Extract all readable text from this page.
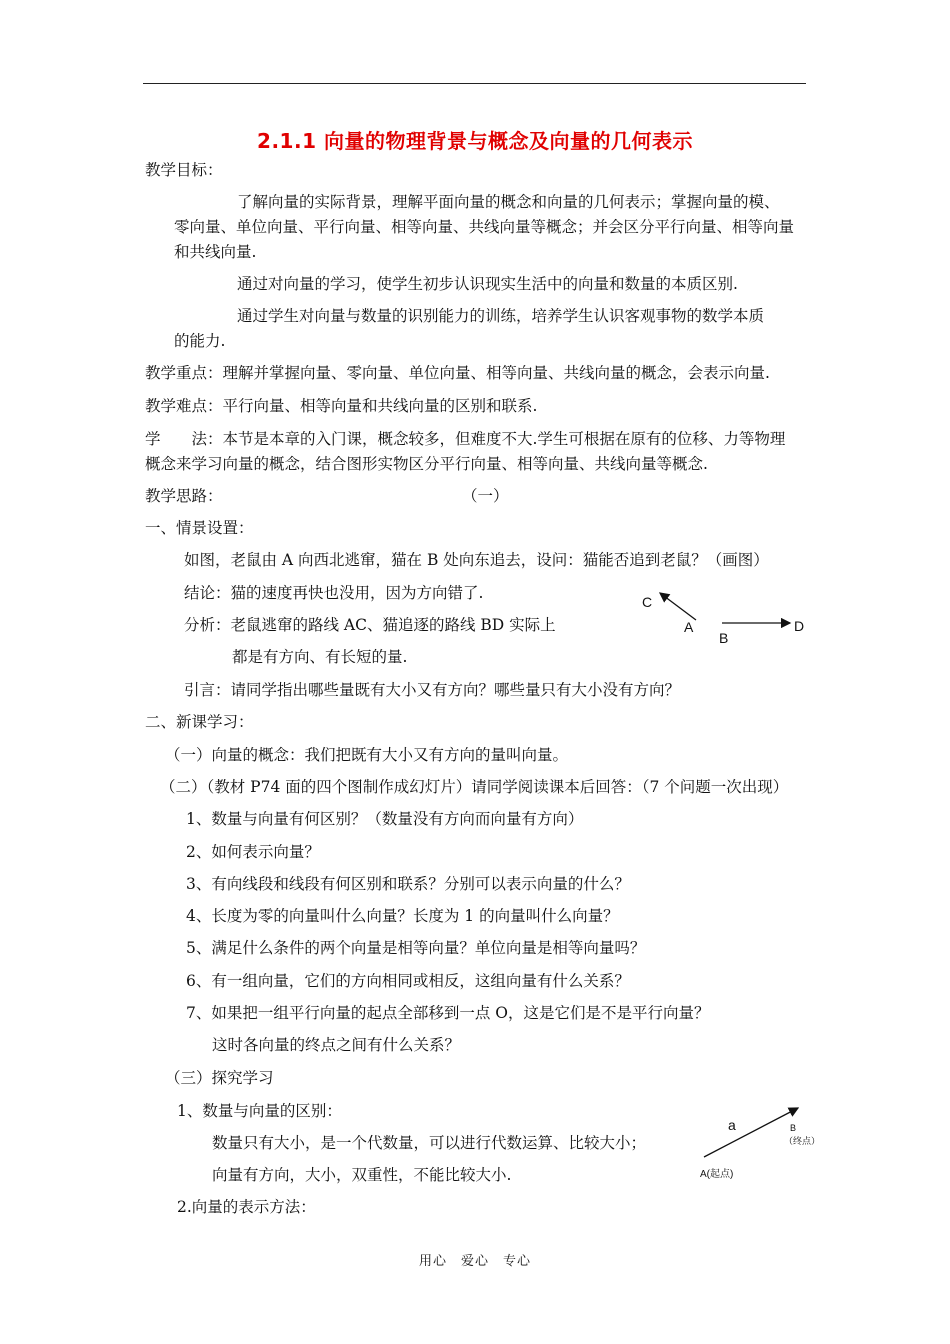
2.1.1 向量的物理背景与概念及向量的几何表示
教学目标：
了解向量的实际背景，理解平面向量的概念和向量的几何表示；掌握向量的模、
零向量、单位向量、平行向量、相等向量、共线向量等概念；并会区分平行向量、相等向量
和共线向量.
通过对向量的学习，使学生初步认识现实生活中的向量和数量的本质区别.
通过学生对向量与数量的识别能力的训练，培养学生认识客观事物的数学本质
的能力.
教学重点：理解并掌握向量、零向量、单位向量、相等向量、共线向量的概念，会表示向量.
教学难点：平行向量、相等向量和共线向量的区别和联系.
学　　法：本节是本章的入门课，概念较多，但难度不大.学生可根据在原有的位移、力等物理
概念来学习向量的概念，结合图形实物区分平行向量、相等向量、共线向量等概念.
教学思路：	（一）
一、情景设置：
如图，老鼠由 A 向西北逃窜，猫在 B 处向东追去，设问：猫能否追到老鼠？（画图）
结论：猫的速度再快也没用，因为方向错了.
分析：老鼠逃窜的路线 AC、猫追逐的路线 BD 实际上
都是有方向、有长短的量.
引言：请同学指出哪些量既有大小又有方向？哪些量只有大小没有方向？
C
A
B
D
二、新课学习：
（一）向量的概念：我们把既有大小又有方向的量叫向量。
（二）（教材 P74 面的四个图制作成幻灯片）请同学阅读课本后回答：（7 个问题一次出现）
1、数量与向量有何区别？（数量没有方向而向量有方向）
2、如何表示向量？
3、有向线段和线段有何区别和联系？分别可以表示向量的什么？
4、长度为零的向量叫什么向量？长度为 1 的向量叫什么向量？
5、满足什么条件的两个向量是相等向量？单位向量是相等向量吗？
6、有一组向量，它们的方向相同或相反，这组向量有什么关系？
7、如果把一组平行向量的起点全部移到一点 O，这是它们是不是平行向量？
这时各向量的终点之间有什么关系？
（三）探究学习
1、数量与向量的区别：
数量只有大小，是一个代数量，可以进行代数运算、比较大小；
向量有方向，大小，双重性，不能比较大小.
a	B
（终点）
A(起点)
2.向量的表示方法：
用心　爱心　专心
